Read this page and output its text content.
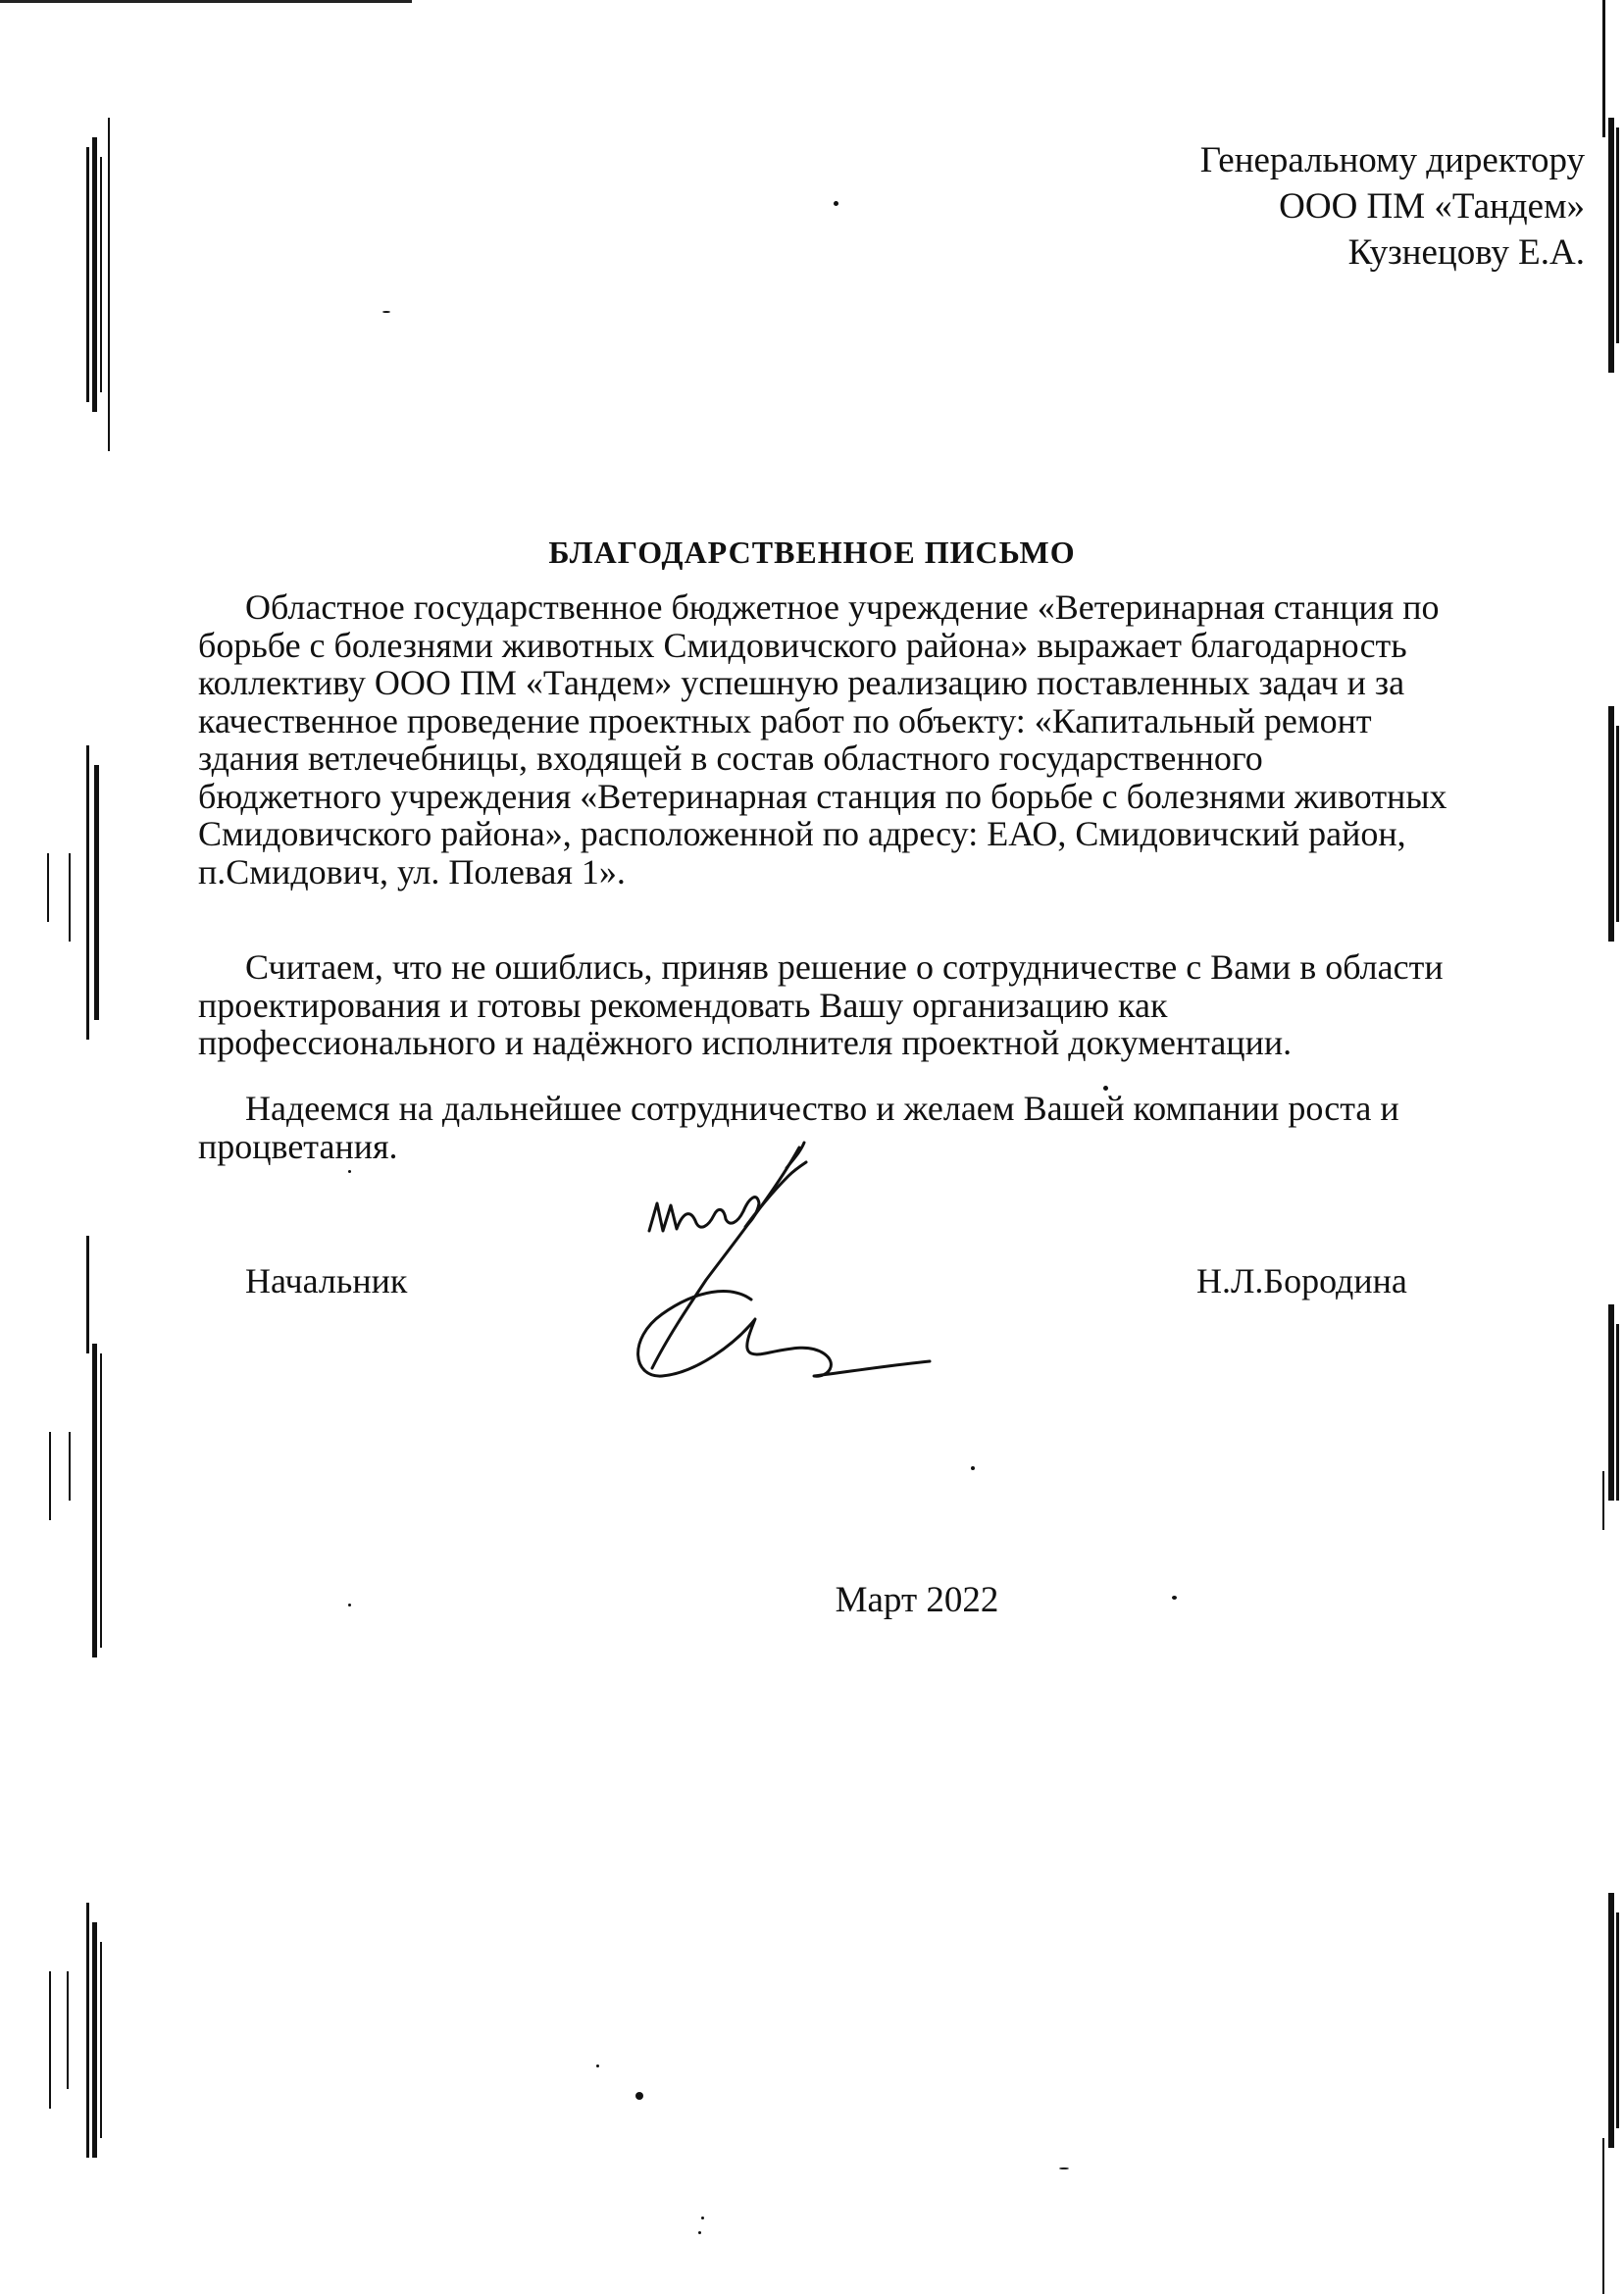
Генеральному директору
ООО ПМ «Тандем»
Кузнецову Е.А.
БЛАГОДАРСТВЕННОЕ ПИСЬМО
Областное государственное бюджетное учреждение «Ветеринарная станция по
борьбе с болезнями животных Смидовичского района» выражает благодарность
коллективу ООО ПМ «Тандем» успешную реализацию поставленных задач и за
качественное проведение проектных работ по объекту: «Капитальный ремонт
здания ветлечебницы, входящей в состав областного государственного
бюджетного учреждения «Ветеринарная станция по борьбе с болезнями животных
Смидовичского района», расположенной по адресу: ЕАО, Смидовичский район,
п.Смидович, ул. Полевая 1».
Считаем, что не ошиблись, приняв решение о сотрудничестве с Вами в области
проектирования и готовы рекомендовать Вашу организацию как
профессионального и надёжного исполнителя проектной документации.
Надеемся на дальнейшее сотрудничество и желаем Вашей компании роста и
процветания.
Начальник	Н.Л.Бородина
Март 2022
